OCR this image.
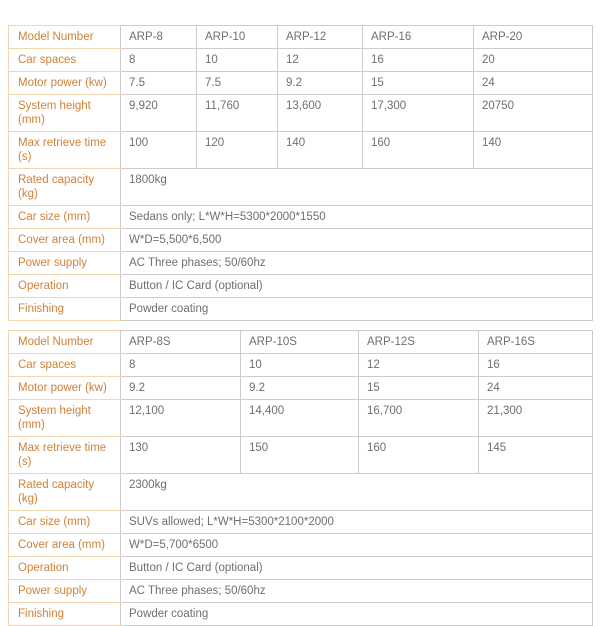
Model Number	ARP-8	ARP-10	ARP-12	ARP-16	ARP-20
Car spaces	8	10	12	16	20
Motor power (kw)	7.5	7.5	9.2	15	24
System height (mm)	9,920	11,760	13,600	17,300	20750
Max retrieve time (s)	100	120	140	160	140
Rated capacity (kg)	1800kg				
Car size (mm)	Sedans only; L*W*H=5300*2000*1550				
Cover area (mm)	W*D=5,500*6,500				
Power supply	AC Three phases; 50/60hz				
Operation	Button / IC Card (optional)				
Finishing	Powder coating				
Model Number	ARP-8S	ARP-10S	ARP-12S	ARP-16S
Car spaces	8	10	12	16
Motor power (kw)	9.2	9.2	15	24
System height (mm)	12,100	14,400	16,700	21,300
Max retrieve time (s)	130	150	160	145
Rated capacity (kg)	2300kg			
Car size (mm)	SUVs allowed; L*W*H=5300*2100*2000			
Cover area (mm)	W*D=5,700*6500			
Operation	Button / IC Card (optional)			
Power supply	AC Three phases; 50/60hz			
Finishing	Powder coating			
